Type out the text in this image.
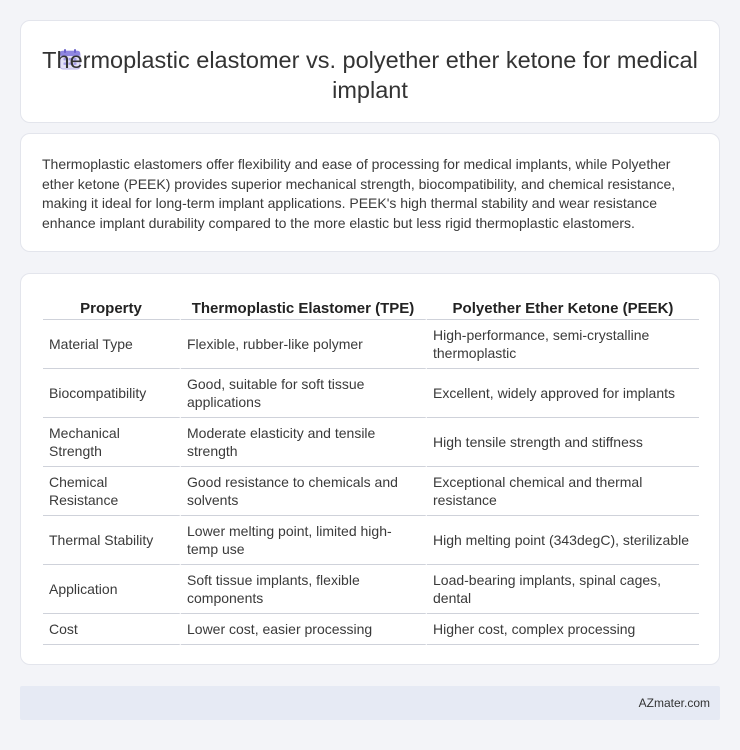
Thermoplastic elastomer vs. polyether ether ketone for medical implant

Thermoplastic elastomers offer flexibility and ease of processing for medical implants, while Polyether ether ketone (PEEK) provides superior mechanical strength, biocompatibility, and chemical resistance, making it ideal for long-term implant applications. PEEK's high thermal stability and wear resistance enhance implant durability compared to the more elastic but less rigid thermoplastic elastomers.

Property	Thermoplastic Elastomer (TPE)	Polyether Ether Ketone (PEEK)
Material Type	Flexible, rubber-like polymer	High-performance, semi-crystalline thermoplastic
Biocompatibility	Good, suitable for soft tissue applications	Excellent, widely approved for implants
Mechanical Strength	Moderate elasticity and tensile strength	High tensile strength and stiffness
Chemical Resistance	Good resistance to chemicals and solvents	Exceptional chemical and thermal resistance
Thermal Stability	Lower melting point, limited high-temp use	High melting point (343degC), sterilizable
Application	Soft tissue implants, flexible components	Load-bearing implants, spinal cages, dental
Cost	Lower cost, easier processing	Higher cost, complex processing
AZmater.com
